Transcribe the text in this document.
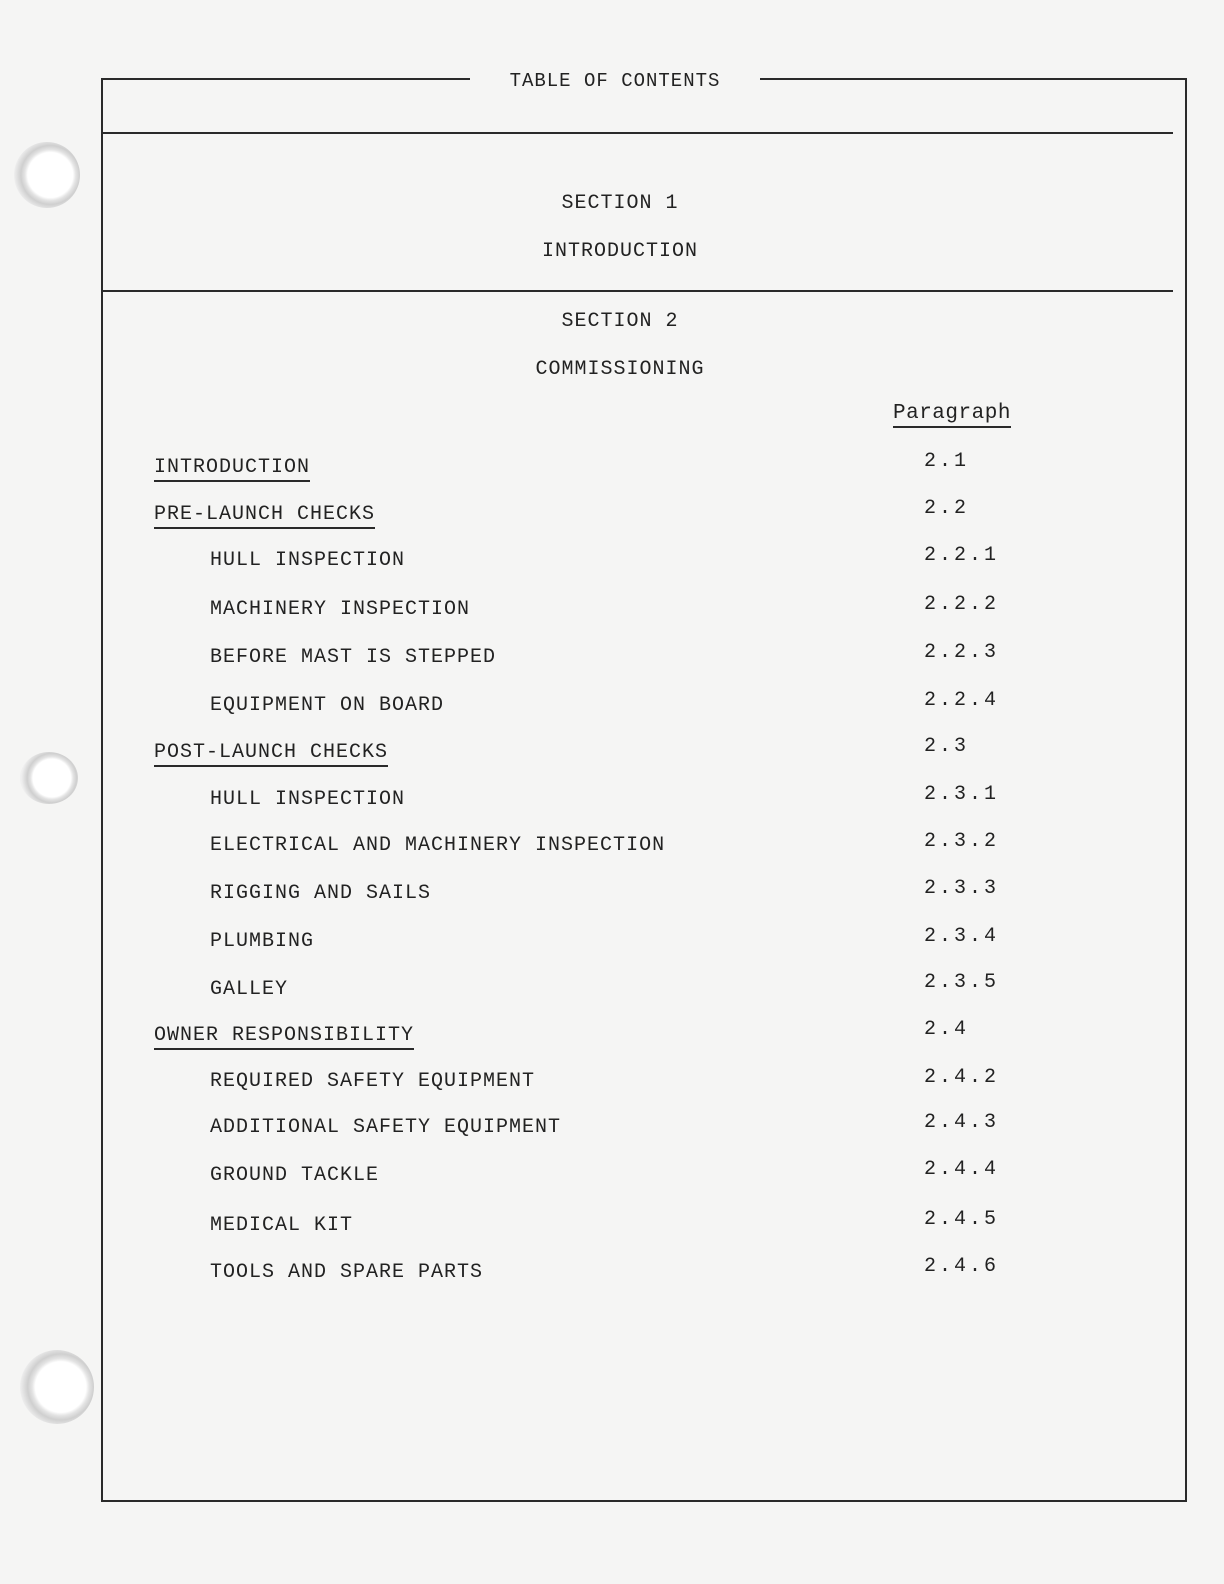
TABLE OF CONTENTS
SECTION 1
INTRODUCTION
SECTION 2
COMMISSIONING
Paragraph
INTRODUCTION	2.1
PRE-LAUNCH CHECKS	2.2
HULL INSPECTION	2.2.1
MACHINERY INSPECTION	2.2.2
BEFORE MAST IS STEPPED	2.2.3
EQUIPMENT ON BOARD	2.2.4
POST-LAUNCH CHECKS	2.3
HULL INSPECTION	2.3.1
ELECTRICAL AND MACHINERY INSPECTION	2.3.2
RIGGING AND SAILS	2.3.3
PLUMBING	2.3.4
GALLEY	2.3.5
OWNER RESPONSIBILITY	2.4
REQUIRED SAFETY EQUIPMENT	2.4.2
ADDITIONAL SAFETY EQUIPMENT	2.4.3
GROUND TACKLE	2.4.4
MEDICAL KIT	2.4.5
TOOLS AND SPARE PARTS	2.4.6
